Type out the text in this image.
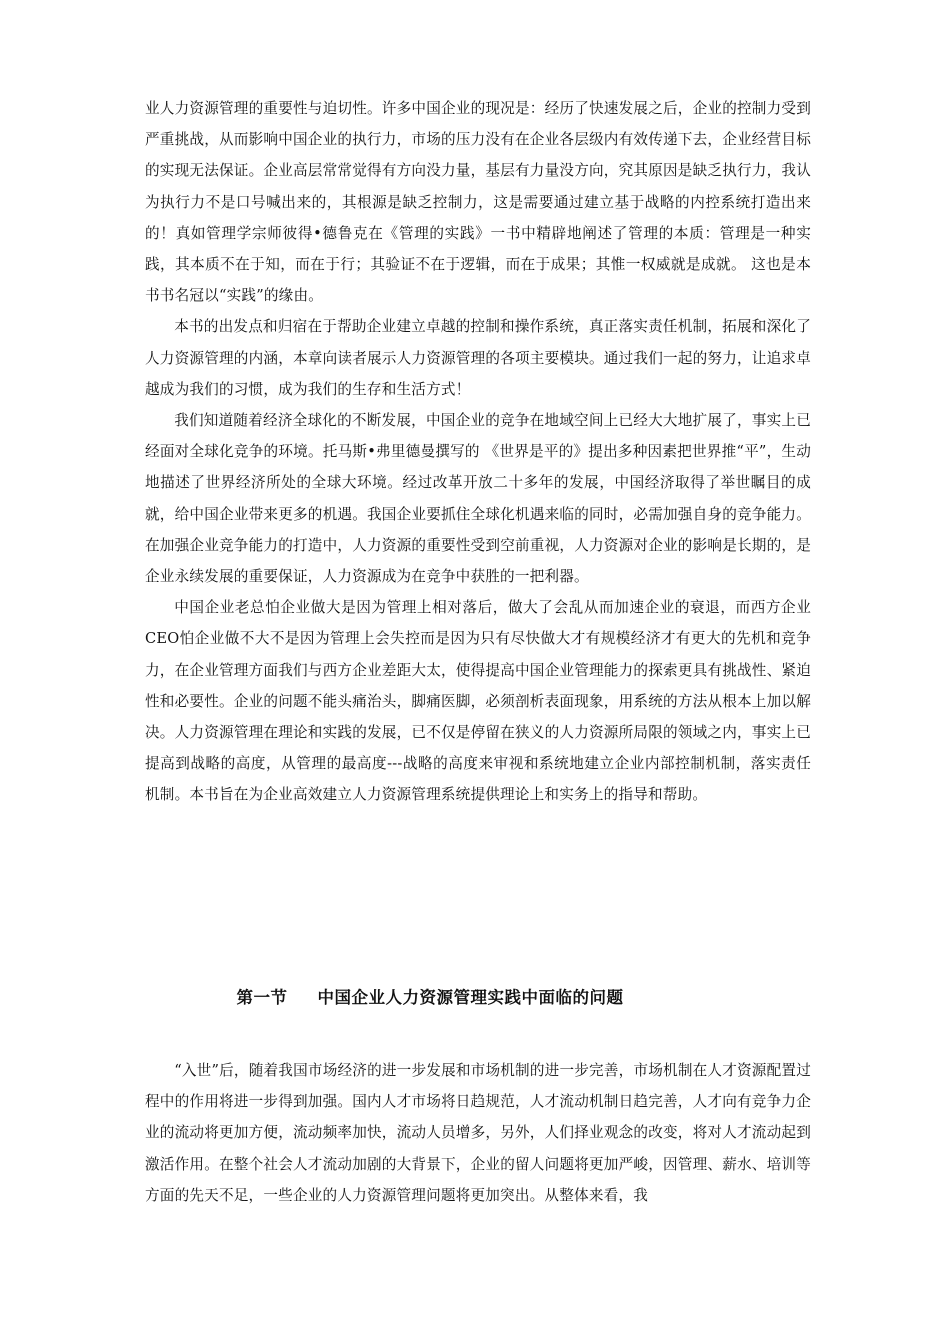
业人力资源管理的重要性与迫切性。许多中国企业的现况是：经历了快速发展之后，企业的控制力受到严重挑战，从而影响中国企业的执行力，市场的压力没有在企业各层级内有效传递下去，企业经营目标的实现无法保证。企业高层常常觉得有方向没力量，基层有力量没方向，究其原因是缺乏执行力，我认为执行力不是口号喊出来的，其根源是缺乏控制力，这是需要通过建立基于战略的内控系统打造出来的！真如管理学宗师彼得•德鲁克在《管理的实践》一书中精辟地阐述了管理的本质：管理是一种实践，其本质不在于知，而在于行；其验证不在于逻辑，而在于成果；其惟一权威就是成就。 这也是本书书名冠以“实践”的缘由。

本书的出发点和归宿在于帮助企业建立卓越的控制和操作系统，真正落实责任机制，拓展和深化了人力资源管理的内涵，本章向读者展示人力资源管理的各项主要模块。通过我们一起的努力，让追求卓越成为我们的习惯，成为我们的生存和生活方式！

我们知道随着经济全球化的不断发展，中国企业的竞争在地域空间上已经大大地扩展了，事实上已经面对全球化竞争的环境。托马斯•弗里德曼撰写的 《世界是平的》提出多种因素把世界推“平”，生动地描述了世界经济所处的全球大环境。经过改革开放二十多年的发展，中国经济取得了举世瞩目的成就，给中国企业带来更多的机遇。我国企业要抓住全球化机遇来临的同时，必需加强自身的竞争能力。在加强企业竞争能力的打造中，人力资源的重要性受到空前重视，人力资源对企业的影响是长期的，是企业永续发展的重要保证，人力资源成为在竞争中获胜的一把利器。

中国企业老总怕企业做大是因为管理上相对落后，做大了会乱从而加速企业的衰退，而西方企业CEO怕企业做不大不是因为管理上会失控而是因为只有尽快做大才有规模经济才有更大的先机和竞争力，在企业管理方面我们与西方企业差距大太，使得提高中国企业管理能力的探索更具有挑战性、紧迫性和必要性。企业的问题不能头痛治头，脚痛医脚，必须剖析表面现象，用系统的方法从根本上加以解决。人力资源管理在理论和实践的发展，已不仅是停留在狭义的人力资源所局限的领域之内，事实上已提高到战略的高度，从管理的最高度---战略的高度来审视和系统地建立企业内部控制机制，落实责任机制。本书旨在为企业高效建立人力资源管理系统提供理论上和实务上的指导和帮助。

第一节 中国企业人力资源管理实践中面临的问题

“入世”后，随着我国市场经济的进一步发展和市场机制的进一步完善，市场机制在人才资源配置过程中的作用将进一步得到加强。国内人才市场将日趋规范，人才流动机制日趋完善，人才向有竞争力企业的流动将更加方便，流动频率加快，流动人员增多，另外，人们择业观念的改变，将对人才流动起到激活作用。在整个社会人才流动加剧的大背景下，企业的留人问题将更加严峻，因管理、薪水、培训等方面的先天不足，一些企业的人力资源管理问题将更加突出。从整体来看，我
